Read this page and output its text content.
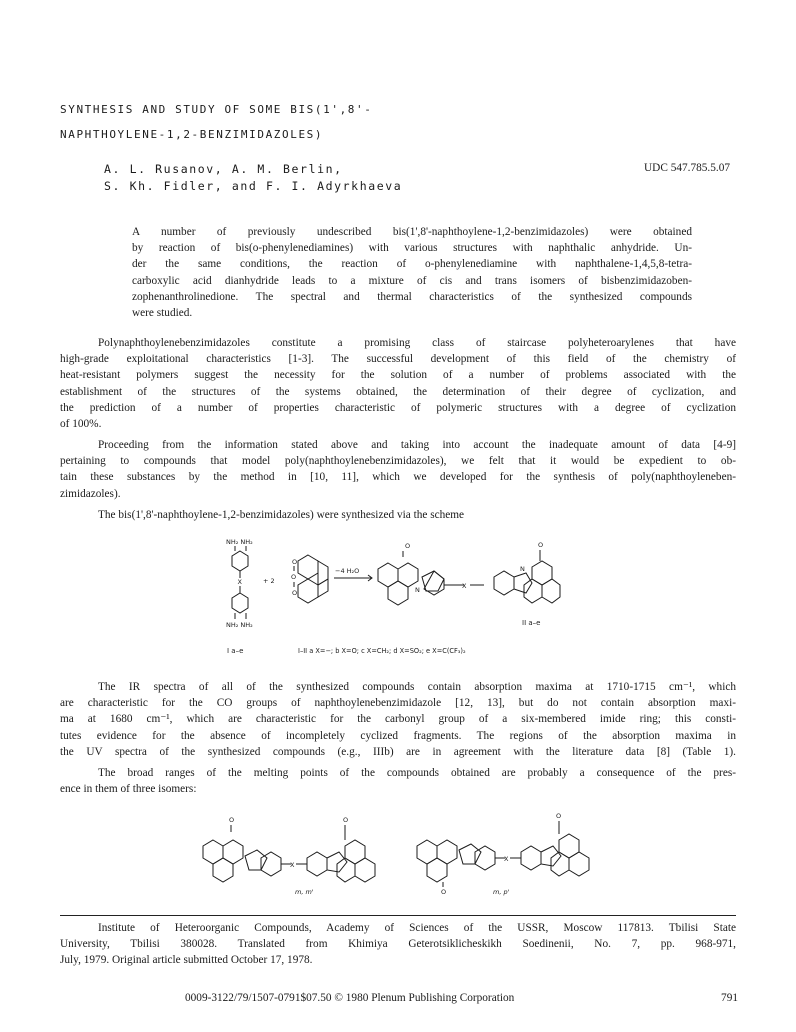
SYNTHESIS AND STUDY OF SOME BIS(1',8'-
NAPHTHOYLENE-1,2-BENZIMIDAZOLES)
A. L. Rusanov, A. M. Berlin,
S. Kh. Fidler, and F. I. Adyrkhaeva
UDC 547.785.5.07

A number of previously undescribed bis(1',8'-naphthoylene-1,2-benzimidazoles) were obtained

by reaction of bis(o-phenylenediamines) with various structures with naphthalic anhydride. Un-

der the same conditions, the reaction of o-phenylenediamine with naphthalene-1,4,5,8-tetra-

carboxylic acid dianhydride leads to a mixture of cis and trans isomers of bisbenzimidazoben-

zophenanthrolinedione. The spectral and thermal characteristics of the synthesized compounds

were studied.

Polynaphthoylenebenzimidazoles constitute a promising class of staircase polyheteroarylenes that have

high-grade exploitational characteristics [1-3]. The successful development of this field of the chemistry of

heat-resistant polymers suggest the necessity for the solution of a number of problems associated with the

establishment of the structures of the systems obtained, the determination of their degree of cyclization, and

the prediction of a number of properties characteristic of polymeric structures with a degree of cyclization

of 100%.

Proceeding from the information stated above and taking into account the inadequate amount of data [4-9]

pertaining to compounds that model poly(naphthoylenebenzimidazoles), we felt that it would be expedient to ob-

tain these substances by the method in [10, 11], which we developed for the synthesis of poly(naphthoyleneben-

zimidazoles).

The bis(1',8'-naphthoylene-1,2-benzimidazoles) were synthesized via the scheme
NH₂ NH₂
X
NH₂ NH₂
I a–e
+ 2
O
O
O
−4 H₂O
O
N	X
N
O
II a–e
I–II a X=−; b X=O; c X=CH₂; d X=SO₂; e X=C(CF₃)₂

The IR spectra of all of the synthesized compounds contain absorption maxima at 1710-1715 cm⁻¹, which

are characteristic for the CO groups of naphthoylenebenzimidazole [12, 13], but do not contain absorption maxi-

ma at 1680 cm⁻¹, which are characteristic for the carbonyl group of a six-membered imide ring; this consti-

tutes evidence for the absence of incompletely cyclized fragments. The regions of the absorption maxima in

the UV spectra of the synthesized compounds (e.g., IIIb) are in agreement with the literature data [8] (Table 1).

The broad ranges of the melting points of the compounds obtained are probably a consequence of the pres-

ence in them of three isomers:

O
X
O
m, m'	O
X
O
m, p'

Institute of Heteroorganic Compounds, Academy of Sciences of the USSR, Moscow 117813. Tbilisi State

University, Tbilisi 380028. Translated from Khimiya Geterotsiklicheskikh Soedinenii, No. 7, pp. 968-971,

July, 1979. Original article submitted October 17, 1978.

0009-3122/79/1507-0791$07.50 © 1980 Plenum Publishing Corporation	791
